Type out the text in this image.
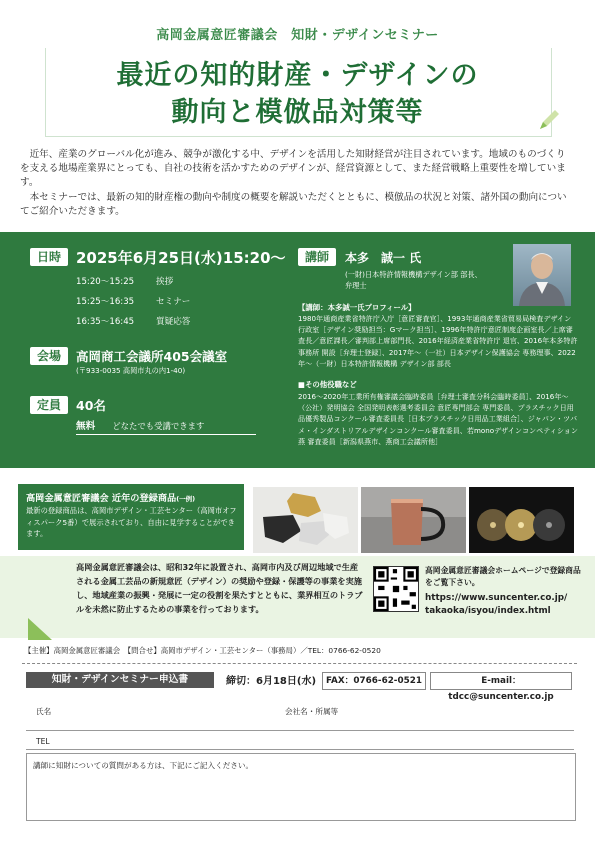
高岡金属意匠審議会　知財・デザインセミナー
最近の知的財産・デザインの
動向と模倣品対策等

近年、産業のグローバル化が進み、競争が激化する中、デザインを活用した知財経営が注目されています。地域のものづくりを支える地場産業界にとっても、自社の技術を活かすためのデザインが、経営資源として、また経営戦略上重要性を増しています。

本セミナーでは、最新の知的財産権の動向や制度の概要を解説いただくとともに、模倣品の状況と対策、諸外国の動向についてご紹介いただきます。

日時	2025年6月25日(水)15:20～
15:20～15:25	挨拶
15:25～16:35	セミナー
16:35～16:45	質疑応答
会場	高岡商工会議所405会議室
(〒933-0035 高岡市丸の内1-40)
定員	40名
無料 どなたでも受講できます
講師	本多　誠一 氏
(一財)日本特許情報機構デザイン部 部長、
弁理士
【講師：本多誠一氏プロフィール】
1980年通商産業省特許庁入庁［意匠審査官］、1993年通商産業省貿易局検査デザイン行政室［デザイン奨励担当：Gマーク担当］、1996年特許庁意匠制度企画室長／上席審査長／意匠課長／審判部上席部門長、2016年経済産業省特許庁 退官、2016年本多特許事務所 開設［弁理士登録］、2017年～（一社）日本デザイン保護協会 専務理事、2022年～（一財）日本特許情報機構 デザイン部 部長
■その他役職など
2016～2020年工業所有権審議会臨時委員［弁理士審査分科会臨時委員］、2016年～（公社）発明協会 全国発明表彰選考委員会 意匠専門部会 専門委員、プラスチック日用品優秀製品コンクール審査委員長［日本プラスチック日用品工業組合］、ジャパン・ツバメ・インダストリアルデザインコンクール審査委員、若monoデザインコンペティション燕 審査委員［新潟県燕市、燕商工会議所他］
高岡金属意匠審議会 近年の登録商品(一例)
最新の登録商品は、高岡市デザイン・工芸センター（高岡市オフィスパーク5番）で展示されており、自由に見学することができます。
高岡金属意匠審議会は、昭和32年に設置され、高岡市内及び周辺地域で生産される金属工芸品の新規意匠（デザイン）の奨励や登録・保護等の事業を実施し、地域産業の振興・発展に一定の役割を果たすとともに、業界相互のトラブルを未然に防止するための事業を行っております。
高岡金属意匠審議会ホームページで登録商品をご覧下さい。
https://www.suncenter.co.jp/
takaoka/isyou/index.html
【主催】高岡金属意匠審議会　【問合せ】高岡市デザイン・工芸センター（事務局）／TEL：0766-62-0520
知財・デザインセミナー申込書	締切：6月18日(水)	FAX：0766-62-0521	E-mail：tdcc@suncenter.co.jp
氏名	会社名・所属等
TEL
講師に知財についての質問がある方は、下記にご記入ください。
